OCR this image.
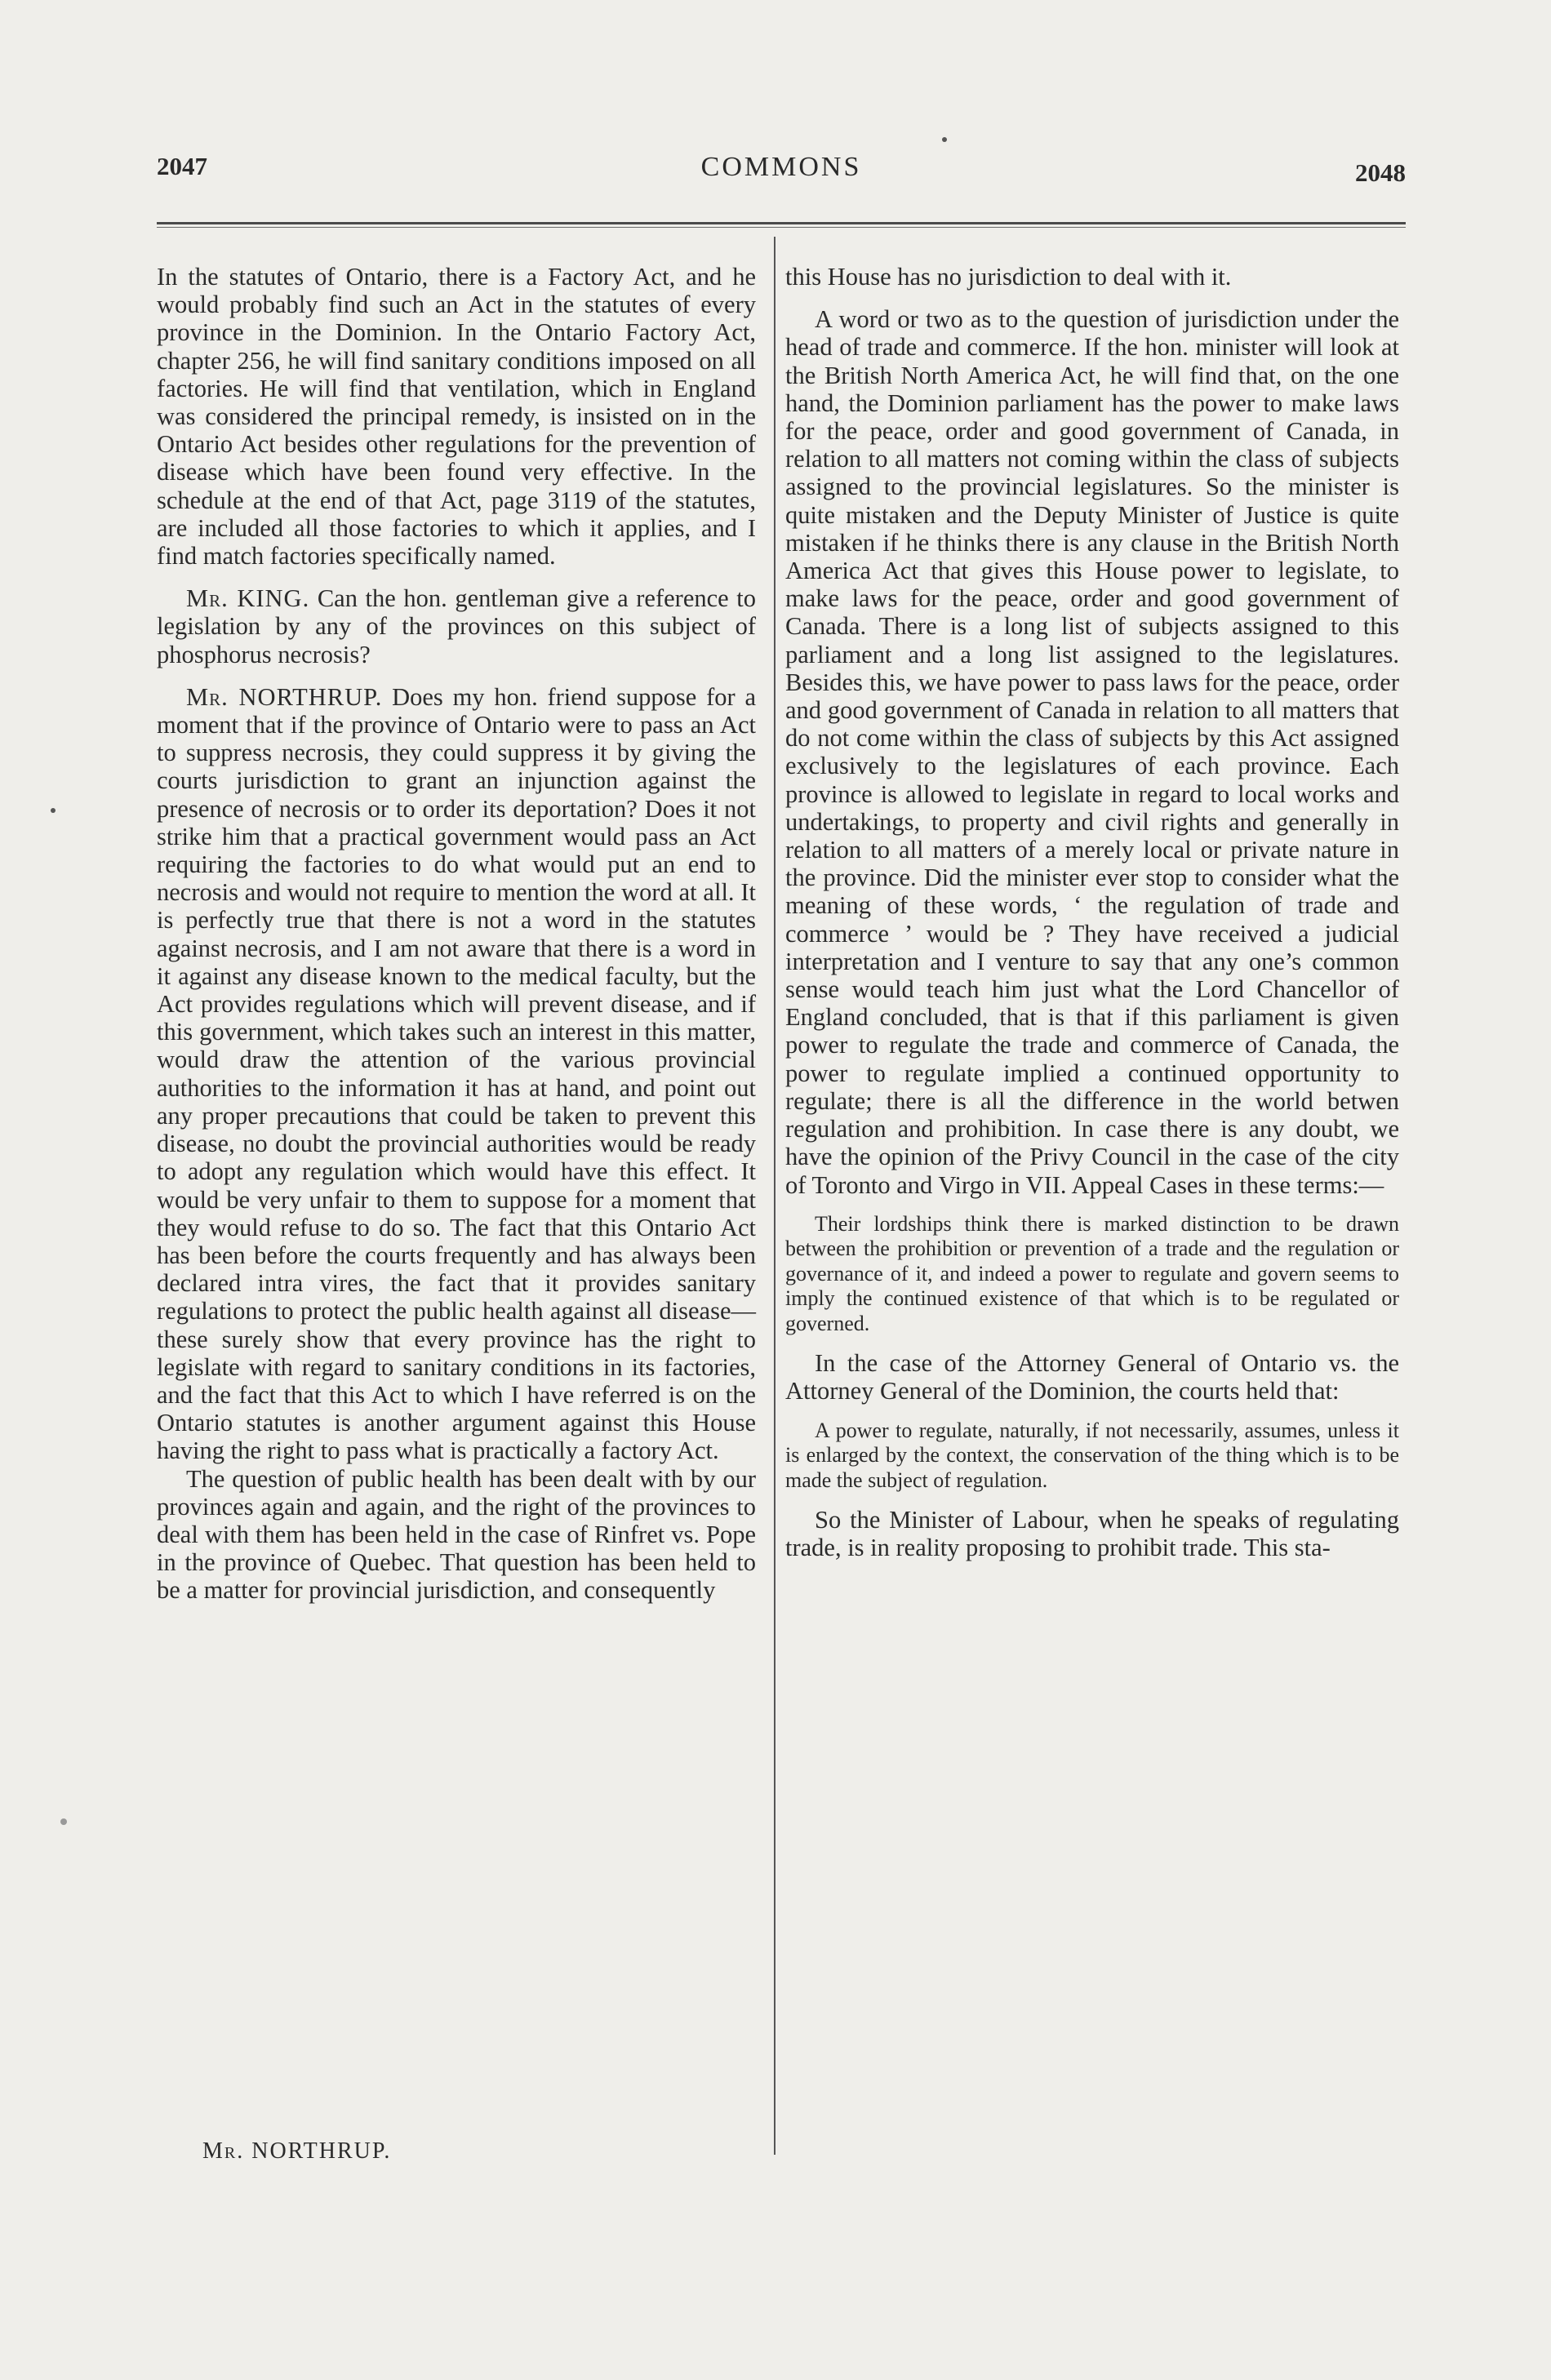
2047	COMMONS	2048

In the statutes of Ontario, there is a Factory Act, and he would probably find such an Act in the statutes of every province in the Dominion. In the Ontario Factory Act, chapter 256, he will find sanitary conditions imposed on all factories. He will find that ventilation, which in England was considered the principal remedy, is insisted on in the Ontario Act besides other regulations for the prevention of disease which have been found very effective. In the schedule at the end of that Act, page 3119 of the statutes, are included all those factories to which it applies, and I find match factories specifically named.

Mr. KING. Can the hon. gentleman give a reference to legislation by any of the provinces on this subject of phosphorus necrosis?

Mr. NORTHRUP. Does my hon. friend suppose for a moment that if the province of Ontario were to pass an Act to suppress necrosis, they could suppress it by giving the courts jurisdiction to grant an injunction against the presence of necrosis or to order its deportation? Does it not strike him that a practical government would pass an Act requiring the factories to do what would put an end to necrosis and would not require to mention the word at all. It is perfectly true that there is not a word in the statutes against necrosis, and I am not aware that there is a word in it against any disease known to the medical faculty, but the Act provides regulations which will prevent disease, and if this government, which takes such an interest in this matter, would draw the attention of the various provincial authorities to the information it has at hand, and point out any proper precautions that could be taken to prevent this disease, no doubt the provincial authorities would be ready to adopt any regulation which would have this effect. It would be very unfair to them to suppose for a moment that they would refuse to do so. The fact that this Ontario Act has been before the courts frequently and has always been declared intra vires, the fact that it provides sanitary regulations to protect the public health against all disease—these surely show that every province has the right to legislate with regard to sanitary conditions in its factories, and the fact that this Act to which I have referred is on the Ontario statutes is another argument against this House having the right to pass what is practically a factory Act.

The question of public health has been dealt with by our provinces again and again, and the right of the provinces to deal with them has been held in the case of Rinfret vs. Pope in the province of Quebec. That question has been held to be a matter for provincial jurisdiction, and consequently

Mr. NORTHRUP.

this House has no jurisdiction to deal with it.

A word or two as to the question of jurisdiction under the head of trade and commerce. If the hon. minister will look at the British North America Act, he will find that, on the one hand, the Dominion parliament has the power to make laws for the peace, order and good government of Canada, in relation to all matters not coming within the class of subjects assigned to the provincial legislatures. So the minister is quite mistaken and the Deputy Minister of Justice is quite mistaken if he thinks there is any clause in the British North America Act that gives this House power to legislate, to make laws for the peace, order and good government of Canada. There is a long list of subjects assigned to this parliament and a long list assigned to the legislatures. Besides this, we have power to pass laws for the peace, order and good government of Canada in relation to all matters that do not come within the class of subjects by this Act assigned exclusively to the legislatures of each province. Each province is allowed to legislate in regard to local works and undertakings, to property and civil rights and generally in relation to all matters of a merely local or private nature in the province. Did the minister ever stop to consider what the meaning of these words, ‘ the regulation of trade and commerce ’ would be ? They have received a judicial interpretation and I venture to say that any one’s common sense would teach him just what the Lord Chancellor of England concluded, that is that if this parliament is given power to regulate the trade and commerce of Canada, the power to regulate implied a continued opportunity to regulate; there is all the difference in the world betwen regulation and prohibition. In case there is any doubt, we have the opinion of the Privy Council in the case of the city of Toronto and Virgo in VII. Appeal Cases in these terms:—

Their lordships think there is marked distinction to be drawn between the prohibition or prevention of a trade and the regulation or governance of it, and indeed a power to regulate and govern seems to imply the continued existence of that which is to be regulated or governed.

In the case of the Attorney General of Ontario vs. the Attorney General of the Dominion, the courts held that:

A power to regulate, naturally, if not necessarily, assumes, unless it is enlarged by the context, the conservation of the thing which is to be made the subject of regulation.

So the Minister of Labour, when he speaks of regulating trade, is in reality proposing to prohibit trade. This sta-
